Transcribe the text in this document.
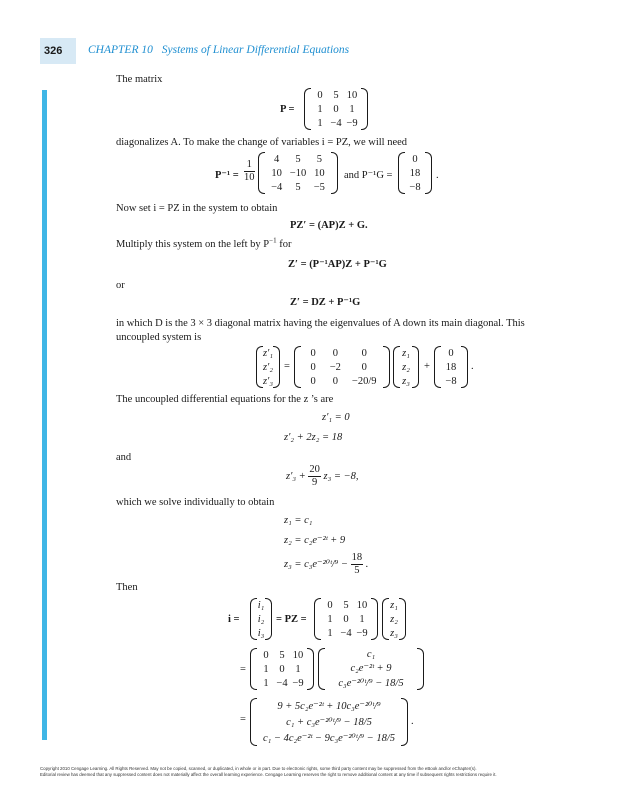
326 CHAPTER 10 Systems of Linear Differential Equations
The matrix
P =
0	5 10
1	0	1
1 −4 −9
diagonalizes A. To make the change of variables i = PZ, we will need
$P^{-1} = \frac{1}{10}$	4	5	5
10 −10 10
−4	5	−5
and P⁻¹G =
0
18
−8
.
Now set i = PZ in the system to obtain
PZ′ = (AP)Z + G.
Multiply this system on the left by $P^{-1}$ for
Z′ = (P⁻¹AP)Z + P⁻¹G
or
Z′ = DZ + P⁻¹G
in which D is the 3 × 3 diagonal matrix having the eigenvalues of A down its main diagonal. This
uncoupled system is
z′₁
z′₂
z′₃
=
0	0	0
0	−2	0
0	0	−20/9
z₁
z₂
z₃
+
0
18
−8
.
The uncoupled differential equations for the z ’s are
z′₁ = 0
z′₂ + 2z₂ = 18
and
$z'_3 + \frac{20}{9} z_3 = -8$,
which we solve individually to obtain
z₁ = c₁
z₂ = c₂e⁻²ᵗ + 9
z₃ = c₃e⁻²⁰ᵗ/⁹ − $\frac{18}{5}$ .
Then
i =
i₁
i₂
i₃
= PZ =
0	5 10
1	0	1
1 −4 −9
z₁
z₂
z₃
=
0	5 10
1	0	1
1 −4 −9
c₁
c₂e⁻²ᵗ + 9
c₃e⁻²⁰ᵗ/⁹ − 18/5
=
9 + 5c₂e⁻²ᵗ + 10c₃e⁻²⁰ᵗ/⁹
c₁ + c₃e⁻²⁰ᵗ/⁹ − 18/5
c₁ − 4c₂e⁻²ᵗ − 9c₃e⁻²⁰ᵗ/⁹ − 18/5
.
Copyright 2010 Cengage Learning. All Rights Reserved. May not be copied, scanned, or duplicated, in whole or in part. Due to electronic rights, some third party content may be suppressed from the eBook and/or eChapter(s).
Editorial review has deemed that any suppressed content does not materially affect the overall learning experience. Cengage Learning reserves the right to remove additional content at any time if subsequent rights restrictions require it.
